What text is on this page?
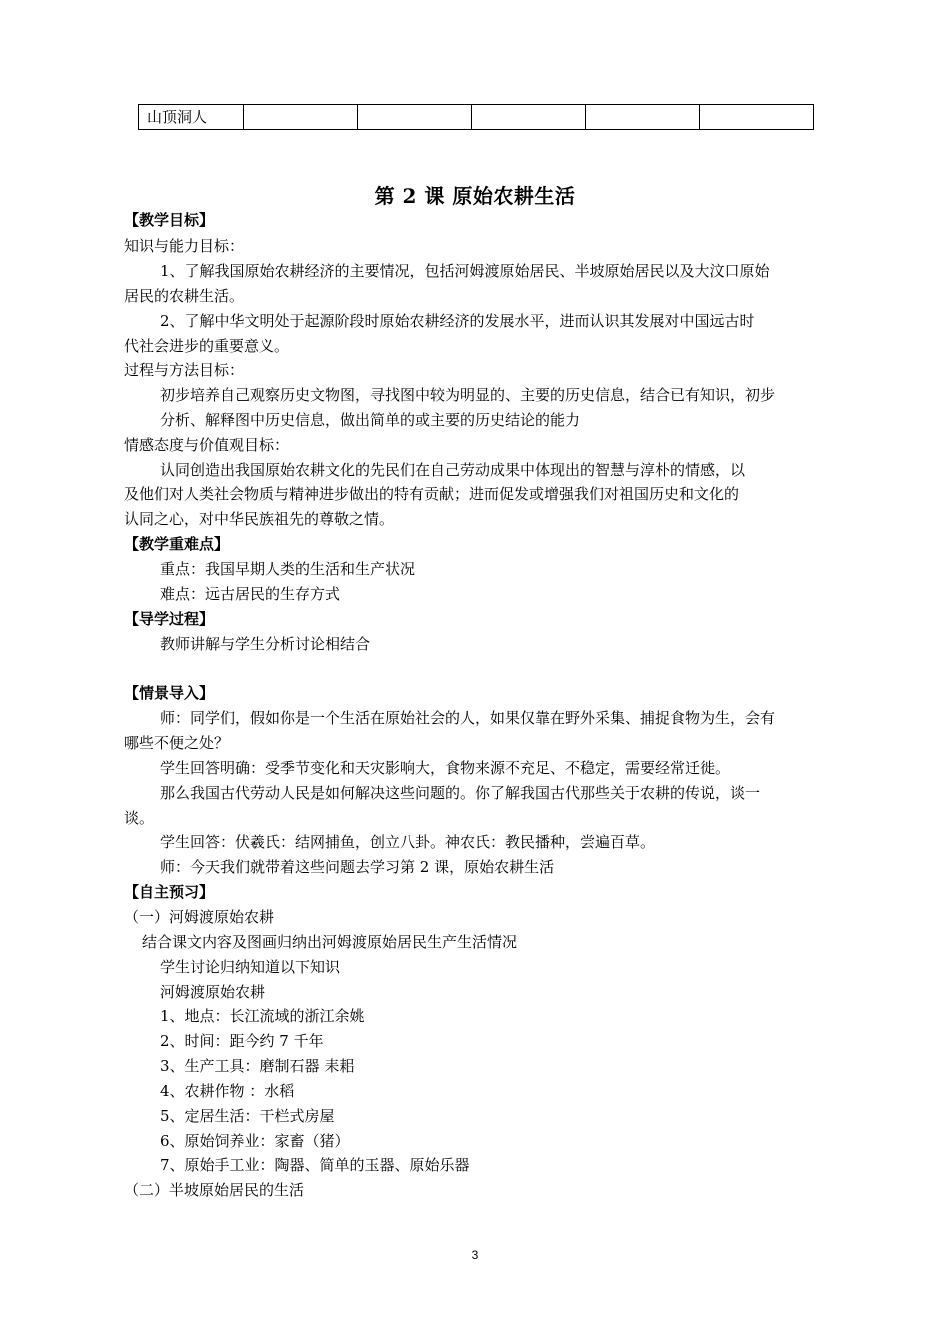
山顶洞人					
第 2 课 原始农耕生活
【教学目标】
知识与能力目标：
1、了解我国原始农耕经济的主要情况，包括河姆渡原始居民、半坡原始居民以及大汶口原始
居民的农耕生活。
2、了解中华文明处于起源阶段时原始农耕经济的发展水平，进而认识其发展对中国远古时
代社会进步的重要意义。
过程与方法目标：
初步培养自己观察历史文物图，寻找图中较为明显的、主要的历史信息，结合已有知识，初步
分析、解释图中历史信息，做出简单的或主要的历史结论的能力
情感态度与价值观目标：
认同创造出我国原始农耕文化的先民们在自己劳动成果中体现出的智慧与淳朴的情感，以
及他们对人类社会物质与精神进步做出的特有贡献；进而促发或增强我们对祖国历史和文化的
认同之心，对中华民族祖先的尊敬之情。
【教学重难点】
重点：我国早期人类的生活和生产状况
难点：远古居民的生存方式
【导学过程】
教师讲解与学生分析讨论相结合
【情景导入】
师：同学们，假如你是一个生活在原始社会的人，如果仅靠在野外采集、捕捉食物为生，会有
哪些不便之处？
学生回答明确：受季节变化和天灾影响大，食物来源不充足、不稳定，需要经常迁徙。
那么我国古代劳动人民是如何解决这些问题的。你了解我国古代那些关于农耕的传说，谈一
谈。
学生回答：伏羲氏：结网捕鱼，创立八卦。神农氏：教民播种，尝遍百草。
师：今天我们就带着这些问题去学习第 2 课，原始农耕生活
【自主预习】
（一）河姆渡原始农耕
结合课文内容及图画归纳出河姆渡原始居民生产生活情况
学生讨论归纳知道以下知识
河姆渡原始农耕
1、地点：长江流域的浙江余姚
2、时间：距今约 7 千年
3、生产工具：磨制石器 耒耜
4、农耕作物 ：水稻
5、定居生活：干栏式房屋
6、原始饲养业：家畜（猪）
7、原始手工业：陶器、简单的玉器、原始乐器
（二）半坡原始居民的生活
3
